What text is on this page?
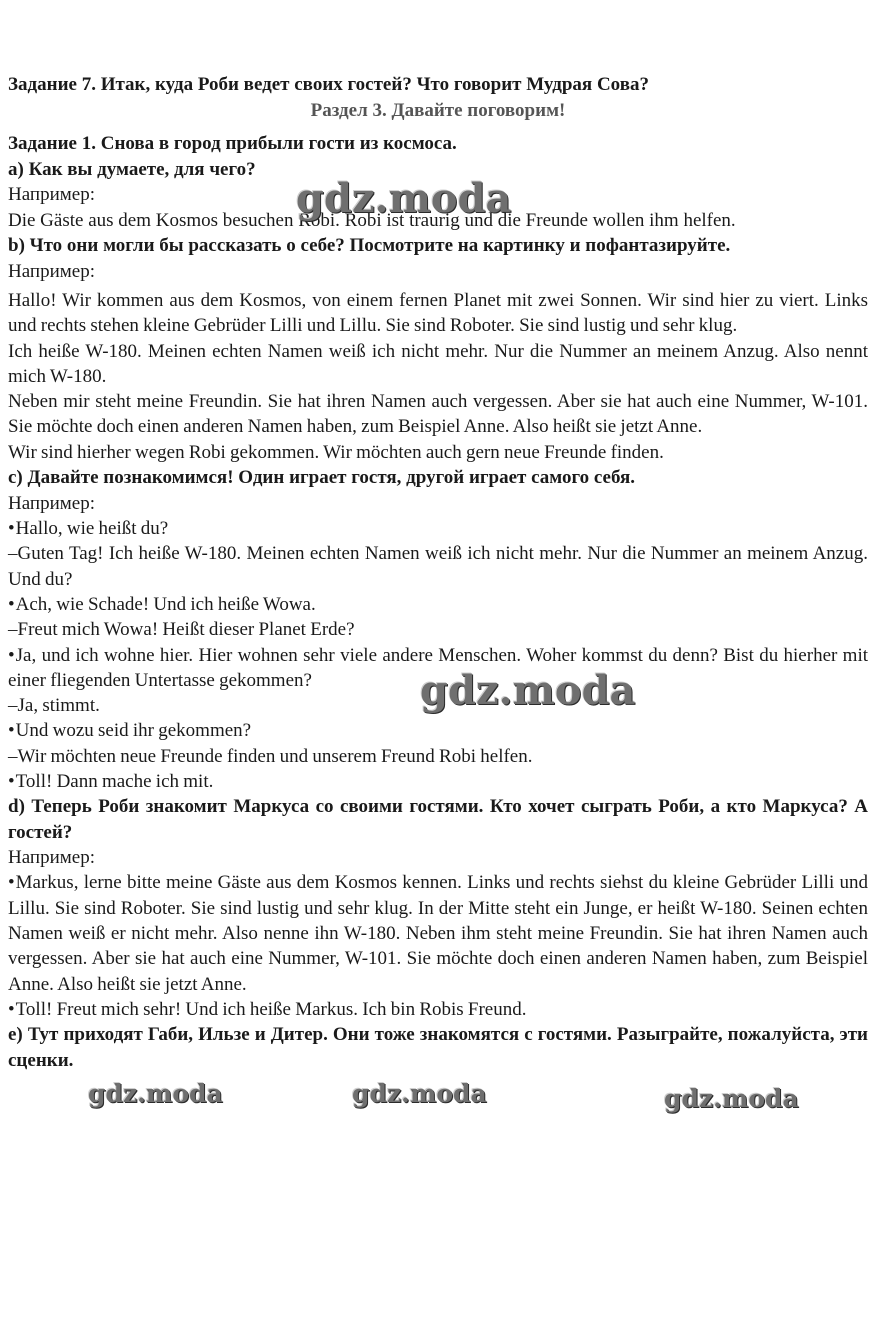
Задание 7. Итак, куда Роби ведет своих гостей? Что говорит Мудрая Сова?

Раздел 3. Давайте поговорим!

Задание 1. Снова в город прибыли гости из космоса.

a) Как вы думаете, для чего?

Например:

Die Gäste aus dem Kosmos besuchen Robi. Robi ist traurig und die Freunde wollen ihm helfen.

b) Что они могли бы рассказать о себе? Посмотрите на картинку и пофантазируйте.

Например:

Hallo! Wir kommen aus dem Kosmos, von einem fernen Planet mit zwei Sonnen. Wir sind hier zu viert. Links und rechts stehen kleine Gebrüder Lilli und Lillu. Sie sind Roboter. Sie sind lustig und sehr klug.

Ich heiße W-180. Meinen echten Namen weiß ich nicht mehr. Nur die Nummer an meinem Anzug. Also nennt mich W-180.

Neben mir steht meine Freundin. Sie hat ihren Namen auch vergessen. Aber sie hat auch eine Nummer, W-101. Sie möchte doch einen anderen Namen haben, zum Beispiel Anne. Also heißt sie jetzt Anne.

Wir sind hierher wegen Robi gekommen. Wir möchten auch gern neue Freunde finden.

c) Давайте познакомимся! Один играет гостя, другой играет самого себя.

Например:

• Hallo, wie heißt du?

– Guten Tag! Ich heiße W-180. Meinen echten Namen weiß ich nicht mehr. Nur die Nummer an meinem Anzug. Und du?

• Ach, wie Schade! Und ich heiße Wowa.

– Freut mich Wowa! Heißt dieser Planet Erde?

• Ja, und ich wohne hier. Hier wohnen sehr viele andere Menschen. Woher kommst du denn? Bist du hierher mit einer fliegenden Untertasse gekommen?

– Ja, stimmt.

• Und wozu seid ihr gekommen?

– Wir möchten neue Freunde finden und unserem Freund Robi helfen.

• Toll! Dann mache ich mit.

d) Теперь Роби знакомит Маркуса со своими гостями. Кто хочет сыграть Роби, а кто Маркуса? А гостей?

Например:

• Markus, lerne bitte meine Gäste aus dem Kosmos kennen. Links und rechts siehst du kleine Gebrüder Lilli und Lillu. Sie sind Roboter. Sie sind lustig und sehr klug. In der Mitte steht ein Junge, er heißt W-180. Seinen echten Namen weiß er nicht mehr. Also nenne ihn W-180. Neben ihm steht meine Freundin. Sie hat ihren Namen auch vergessen. Aber sie hat auch eine Nummer, W-101. Sie möchte doch einen anderen Namen haben, zum Beispiel Anne. Also heißt sie jetzt Anne.

• Toll! Freut mich sehr! Und ich heiße Markus. Ich bin Robis Freund.

e) Тут приходят Габи, Ильзе и Дитер. Они тоже знакомятся с гостями. Разыграйте, пожалуйста, эти сценки.

gdz.moda
gdz.moda
gdz.moda	gdz.moda	gdz.moda
